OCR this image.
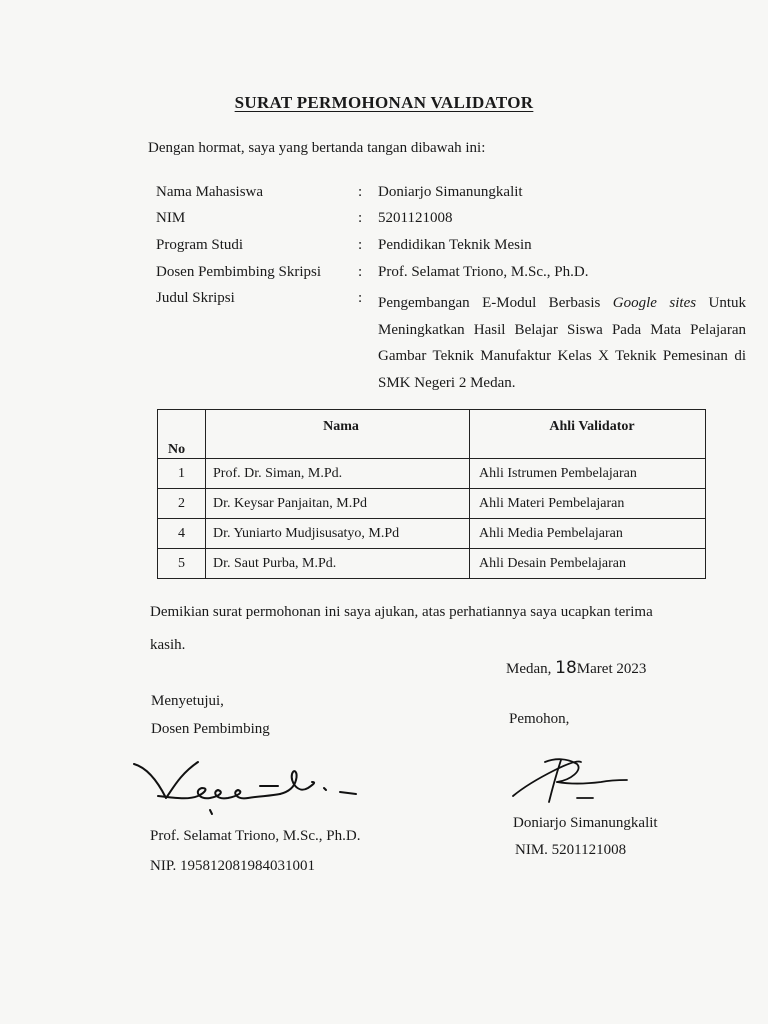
SURAT PERMOHONAN VALIDATOR
Dengan hormat, saya yang bertanda tangan dibawah ini:
Nama Mahasiswa	: Doniarjo Simanungkalit
NIM	: 5201121008
Program Studi	: Pendidikan Teknik Mesin
Dosen Pembimbing Skripsi	: Prof. Selamat Triono, M.Sc., Ph.D.
Judul Skripsi	: Pengembangan E-Modul Berbasis Google sites Untuk
Meningkatkan Hasil Belajar Siswa Pada Mata Pelajaran
Gambar Teknik Manufaktur Kelas X Teknik Pemesinan di
SMK Negeri 2 Medan.
No	Nama	Ahli Validator
1	Prof. Dr. Siman, M.Pd.	Ahli Istrumen Pembelajaran
2	Dr. Keysar Panjaitan, M.Pd	Ahli Materi Pembelajaran
4	Dr. Yuniarto Mudjisusatyo, M.Pd	Ahli Media Pembelajaran
5	Dr. Saut Purba, M.Pd.	Ahli Desain Pembelajaran
Demikian surat permohonan ini saya ajukan, atas perhatiannya saya ucapkan terima kasih.
Medan, 18Maret 2023
Menyetujui,
Dosen Pembimbing
Pemohon,
Prof. Selamat Triono, M.Sc., Ph.D.
NIP. 195812081984031001
Doniarjo Simanungkalit
NIM. 5201121008
